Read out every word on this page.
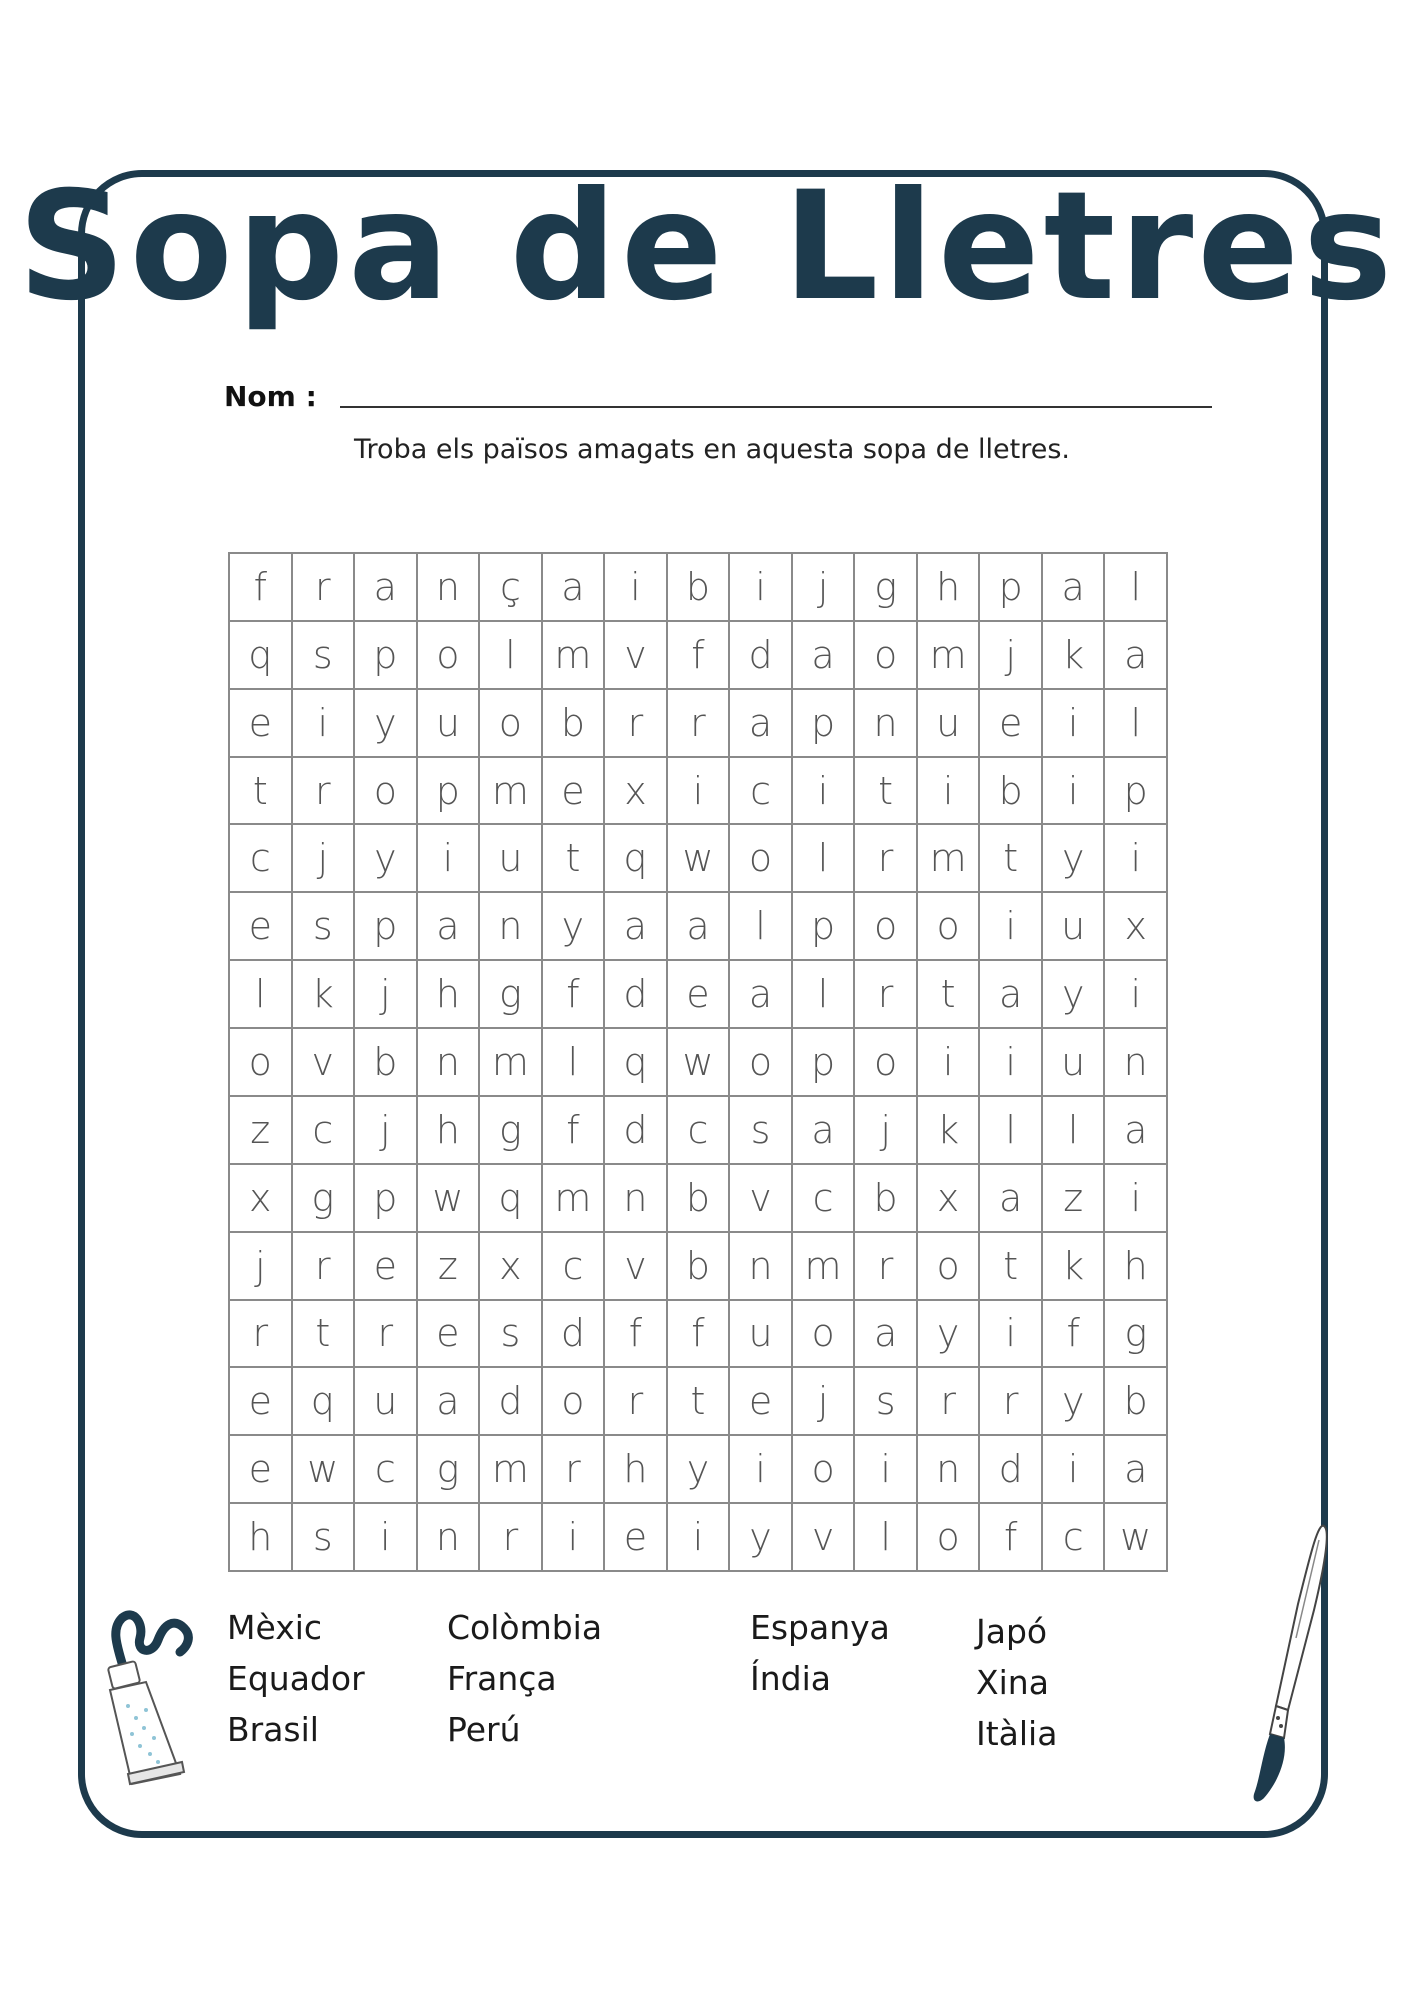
Sopa de Lletres
Nom :
Troba els països amagats en aquesta sopa de lletres.
f	r	a	n	ç	a	i	b	i	j	g	h	p	a	l
q	s	p	o	l	m v	f	d	a	o m	j	k	a
e	i	y	u	o	b	r	r	a	p	n	u	e	i	l
t	r	o	p m e	x	i	c	i	t	i	b	i	p
c	j	y	i	u	t	q w o	l	r m t	y	i
e	s	p	a	n	y	a	a	l	p	o	o	i	u	x
l	k	j	h	g	f	d	e	a	l	r	t	a	y	i
o	v	b	n m	l	q w o	p	o	i	i	u	n
z	c	j	h	g	f	d	c	s	a	j	k	l	l	a
x	g	p w q m n	b	v	c	b	x	a	z	i
j	r	e	z	x	c	v	b	n m r	o	t	k	h
r	t	r	e	s	d	f	f	u	o	a	y	i	f	g
e	q	u	a	d	o	r	t	e	j	s	r	r	y	b
e w c	g m r	h	y	i	o	i	n	d	i	a
h	s	i	n	r	i	e	i	y	v	l	o	f	c w
Mèxic
Equador
Brasil
Colòmbia
França
Perú
Espanya
Índia
Japó
Xina
Itàlia
